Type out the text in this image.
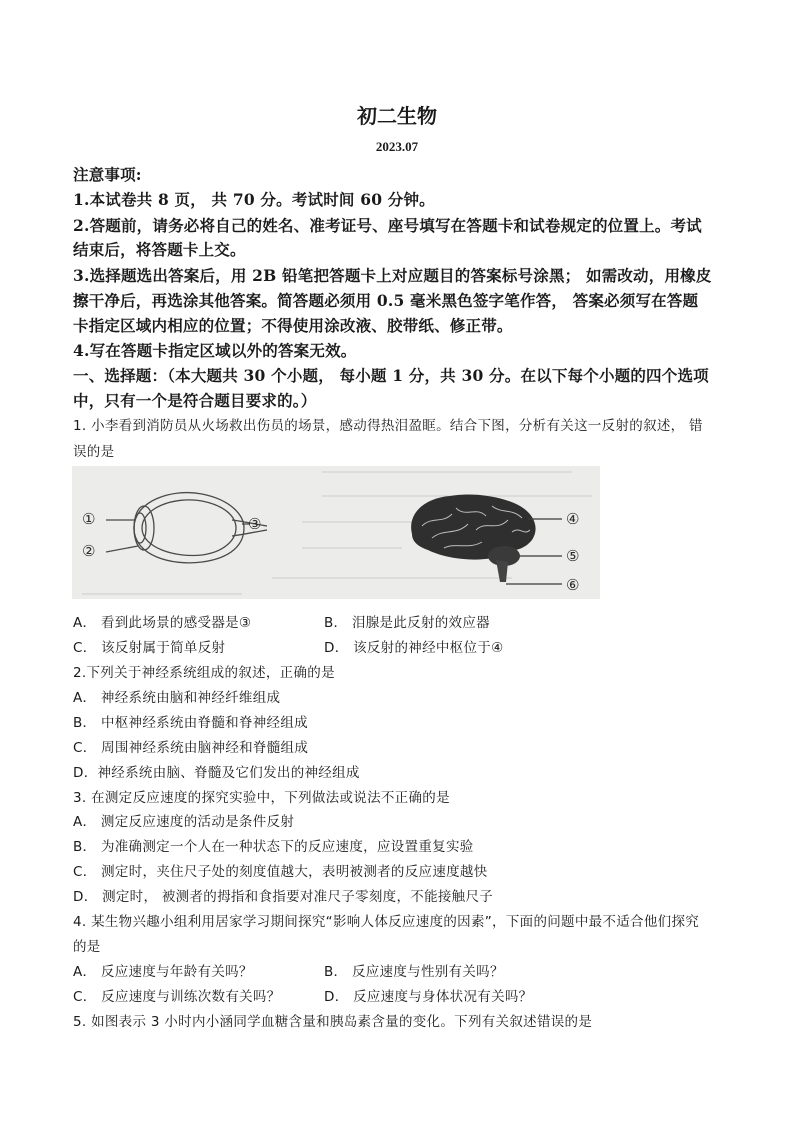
初二生物
2023.07
注意事项:
1.本试卷共 8 页， 共 70 分。考试时间 60 分钟。
2.答题前，请务必将自己的姓名、准考证号、座号填写在答题卡和试卷规定的位置上。考试
结束后，将答题卡上交。
3.选择题选出答案后，用 2B 铅笔把答题卡上对应题目的答案标号涂黑； 如需改动，用橡皮
擦干净后，再选涂其他答案。简答题必须用 0.5 毫米黑色签字笔作答， 答案必须写在答题
卡指定区域内相应的位置；不得使用涂改液、胶带纸、修正带。
4.写在答题卡指定区域以外的答案无效。
一、选择题：（本大题共 30 个小题， 每小题 1 分，共 30 分。在以下每个小题的四个选项
中，只有一个是符合题目要求的。）
1. 小李看到消防员从火场救出伤员的场景，感动得热泪盈眶。结合下图，分析有关这一反射的叙述， 错
误的是
①
②
③	④
⑤
⑥
A． 看到此场景的感受器是③	B． 泪腺是此反射的效应器
C． 该反射属于简单反射	D． 该反射的神经中枢位于④
2.下列关于神经系统组成的叙述，正确的是
A． 神经系统由脑和神经纤维组成
B． 中枢神经系统由脊髓和脊神经组成
C． 周围神经系统由脑神经和脊髓组成
D．神经系统由脑、脊髓及它们发出的神经组成
3. 在测定反应速度的探究实验中，下列做法或说法不正确的是
A． 测定反应速度的活动是条件反射
B． 为准确测定一个人在一种状态下的反应速度，应设置重复实验
C． 测定时，夹住尺子处的刻度值越大，表明被测者的反应速度越快
D． 测定时， 被测者的拇指和食指要对准尺子零刻度，不能接触尺子
4. 某生物兴趣小组利用居家学习期间探究“影响人体反应速度的因素”，下面的问题中最不适合他们探究
的是
A． 反应速度与年龄有关吗？	B． 反应速度与性别有关吗？
C． 反应速度与训练次数有关吗？	D． 反应速度与身体状况有关吗？
5. 如图表示 3 小时内小涵同学血糖含量和胰岛素含量的变化。下列有关叙述错误的是
